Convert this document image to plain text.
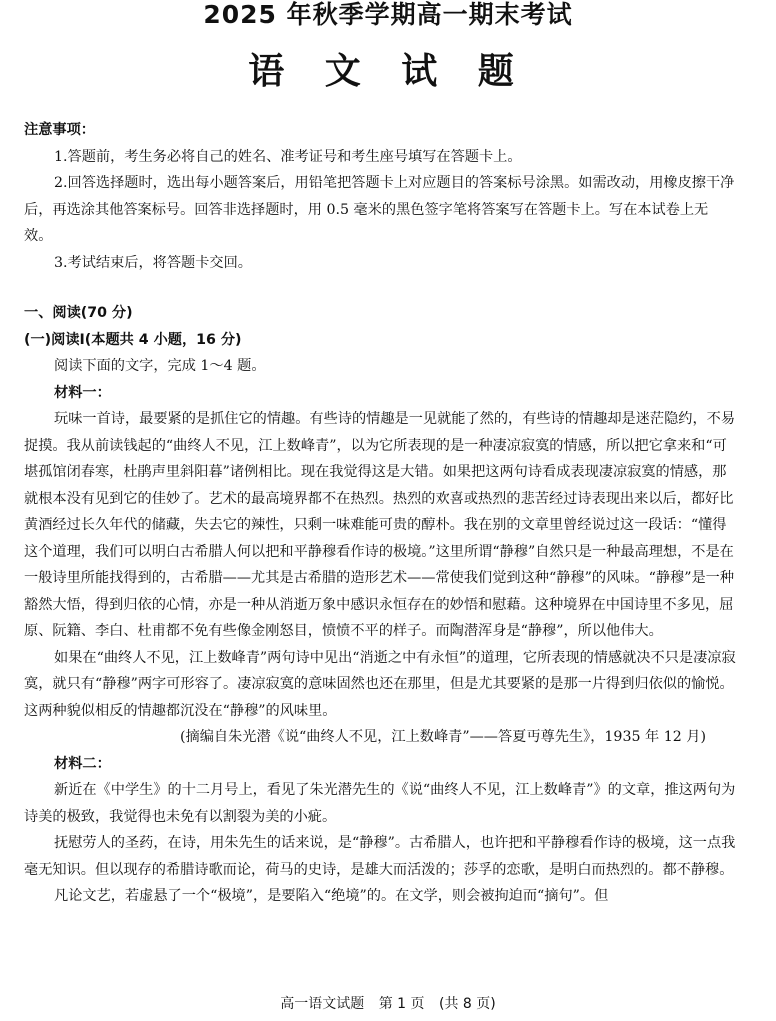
2025 年秋季学期高一期末考试
语 文 试 题

注意事项：

1.答题前，考生务必将自己的姓名、准考证号和考生座号填写在答题卡上。

2.回答选择题时，选出每小题答案后，用铅笔把答题卡上对应题目的答案标号涂黑。如需改动，用橡皮擦干净后，再选涂其他答案标号。回答非选择题时，用 0.5 毫米的黑色签字笔将答案写在答题卡上。写在本试卷上无效。

3.考试结束后，将答题卡交回。

一、阅读(70 分)

(一)阅读Ⅰ(本题共 4 小题，16 分)

阅读下面的文字，完成 1～4 题。

材料一：

玩味一首诗，最要紧的是抓住它的情趣。有些诗的情趣是一见就能了然的，有些诗的情趣却是迷茫隐约，不易捉摸。我从前读钱起的“曲终人不见，江上数峰青”，以为它所表现的是一种凄凉寂寞的情感，所以把它拿来和“可堪孤馆闭春寒，杜鹃声里斜阳暮”诸例相比。现在我觉得这是大错。如果把这两句诗看成表现凄凉寂寞的情感，那就根本没有见到它的佳妙了。艺术的最高境界都不在热烈。热烈的欢喜或热烈的悲苦经过诗表现出来以后，都好比黄酒经过长久年代的储藏，失去它的辣性，只剩一味难能可贵的醇朴。我在别的文章里曾经说过这一段话：“懂得这个道理，我们可以明白古希腊人何以把和平静穆看作诗的极境。”这里所谓“静穆”自然只是一种最高理想，不是在一般诗里所能找得到的，古希腊——尤其是古希腊的造形艺术——常使我们觉到这种“静穆”的风味。“静穆”是一种豁然大悟，得到归依的心情，亦是一种从消逝万象中感识永恒存在的妙悟和慰藉。这种境界在中国诗里不多见，屈原、阮籍、李白、杜甫都不免有些像金刚怒目，愤愤不平的样子。而陶潜浑身是“静穆”，所以他伟大。

如果在“曲终人不见，江上数峰青”两句诗中见出“消逝之中有永恒”的道理，它所表现的情感就决不只是凄凉寂寞，就只有“静穆”两字可形容了。凄凉寂寞的意味固然也还在那里，但是尤其要紧的是那一片得到归依似的愉悦。这两种貌似相反的情趣都沉没在“静穆”的风味里。

(摘编自朱光潜《说“曲终人不见，江上数峰青”——答夏丏尊先生》，1935 年 12 月)

材料二：

新近在《中学生》的十二月号上，看见了朱光潜先生的《说“曲终人不见，江上数峰青”》的文章，推这两句为诗美的极致，我觉得也未免有以割裂为美的小疵。

抚慰劳人的圣药，在诗，用朱先生的话来说，是“静穆”。古希腊人，也许把和平静穆看作诗的极境，这一点我毫无知识。但以现存的希腊诗歌而论，荷马的史诗，是雄大而活泼的；莎孚的恋歌，是明白而热烈的。都不静穆。

凡论文艺，若虚悬了一个“极境”，是要陷入“绝境”的。在文学，则会被拘迫而“摘句”。但

高一语文试题 第 1 页 (共 8 页)
